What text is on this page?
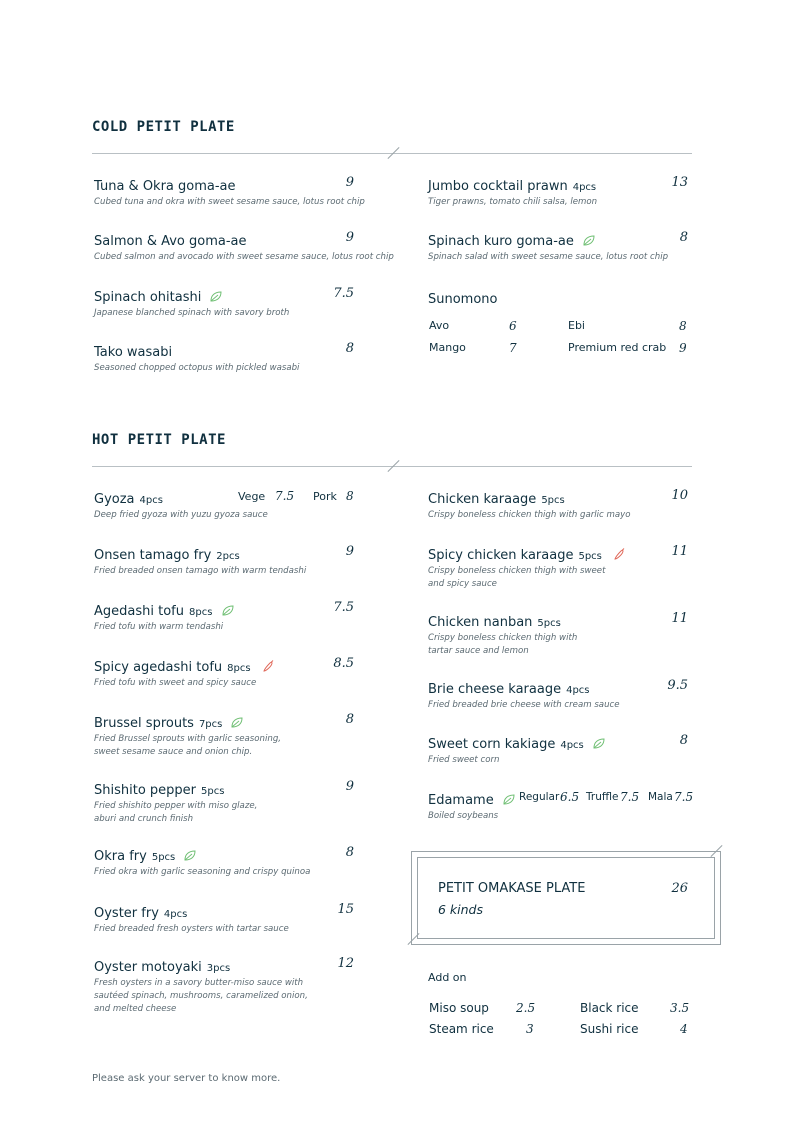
COLD PETIT PLATE
Tuna & Okra goma-ae	9
Cubed tuna and okra with sweet sesame sauce, lotus root chip
Salmon & Avo goma-ae	9
Cubed salmon and avocado with sweet sesame sauce, lotus root chip
Spinach ohitashi	7.5
Japanese blanched spinach with savory broth
Tako wasabi	8
Seasoned chopped octopus with pickled wasabi
Jumbo cocktail prawn 4pcs	13
Tiger prawns, tomato chili salsa, lemon
Spinach kuro goma-ae	8
Spinach salad with sweet sesame sauce, lotus root chip
Sunomono
Avo	6	Ebi	8
Mango	7	Premium red crab 9
HOT PETIT PLATE
Gyoza 4pcs	Vege 7.5 Pork 8
Deep fried gyoza with yuzu gyoza sauce
Onsen tamago fry 2pcs	9
Fried breaded onsen tamago with warm tendashi
Agedashi tofu 8pcs	7.5
Fried tofu with warm tendashi
Spicy agedashi tofu 8pcs	8.5
Fried tofu with sweet and spicy sauce
Brussel sprouts 7pcs	8
Fried Brussel sprouts with garlic seasoning,
sweet sesame sauce and onion chip.
Shishito pepper 5pcs	9
Fried shishito pepper with miso glaze,
aburi and crunch finish
Okra fry 5pcs	8
Fried okra with garlic seasoning and crispy quinoa
Oyster fry 4pcs	15
Fried breaded fresh oysters with tartar sauce
Oyster motoyaki 3pcs	12
Fresh oysters in a savory butter-miso sauce with
sautéed spinach, mushrooms, caramelized onion,
and melted cheese
Chicken karaage 5pcs	10
Crispy boneless chicken thigh with garlic mayo
Spicy chicken karaage 5pcs	11
Crispy boneless chicken thigh with sweet
and spicy sauce
Chicken nanban 5pcs	11
Crispy boneless chicken thigh with
tartar sauce and lemon
Brie cheese karaage 4pcs	9.5
Fried breaded brie cheese with cream sauce
Sweet corn kakiage 4pcs	8
Fried sweet corn
Edamame	Regular 6.5 Truffle 7.5 Mala 7.5
Boiled soybeans
PETIT OMAKASE PLATE
6 kinds
26
Add on
Miso soup 2.5	Black rice	3.5
Steam rice	3	Sushi rice	4
Please ask your server to know more.
